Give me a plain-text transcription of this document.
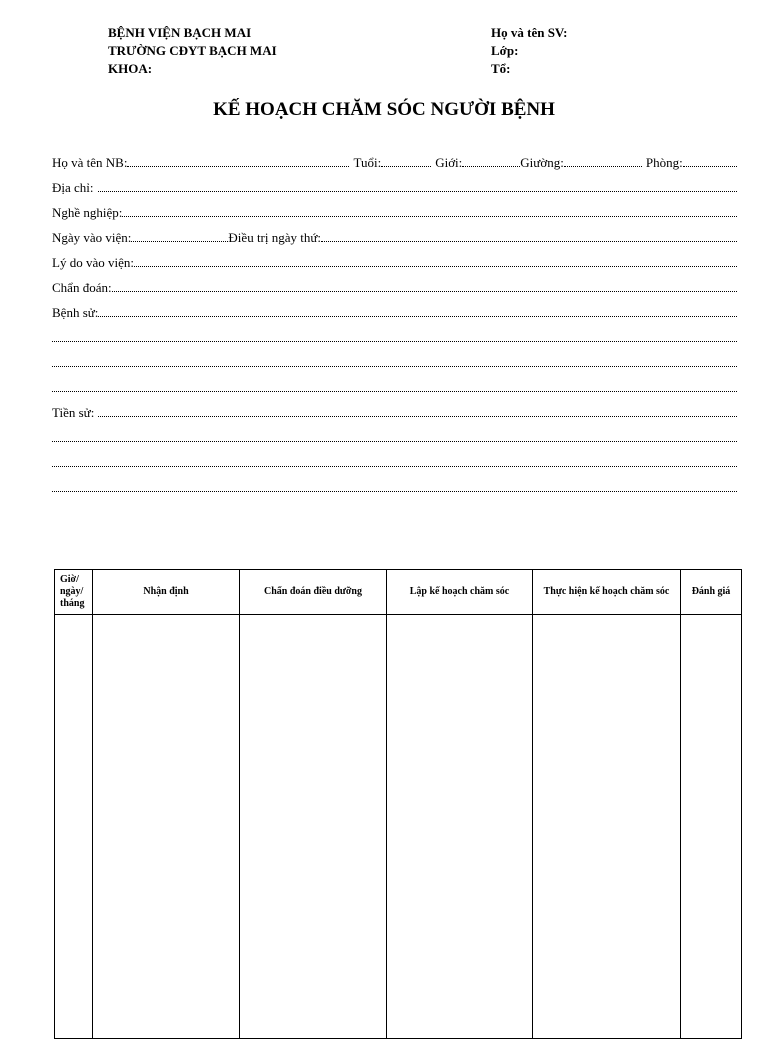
BỆNH VIỆN BẠCH MAI
TRƯỜNG CĐYT BẠCH MAI
KHOA:
Họ và tên SV:
Lớp:
Tổ:
KẾ HOẠCH CHĂM SÓC NGƯỜI BỆNH
Họ và tên NB:	Tuổi:	Giới:	Giường:	Phòng:
Địa chỉ:
Nghề nghiệp:
Ngày vào viện:	Điều trị ngày thứ:
Lý do vào viện:
Chẩn đoán:
Bệnh sử:
Tiền sử:
Giờ/ ngày/ tháng	Nhận định	Chẩn đoán điều dưỡng	Lập kế hoạch chăm sóc	Thực hiện kế hoạch chăm sóc	Đánh giá
